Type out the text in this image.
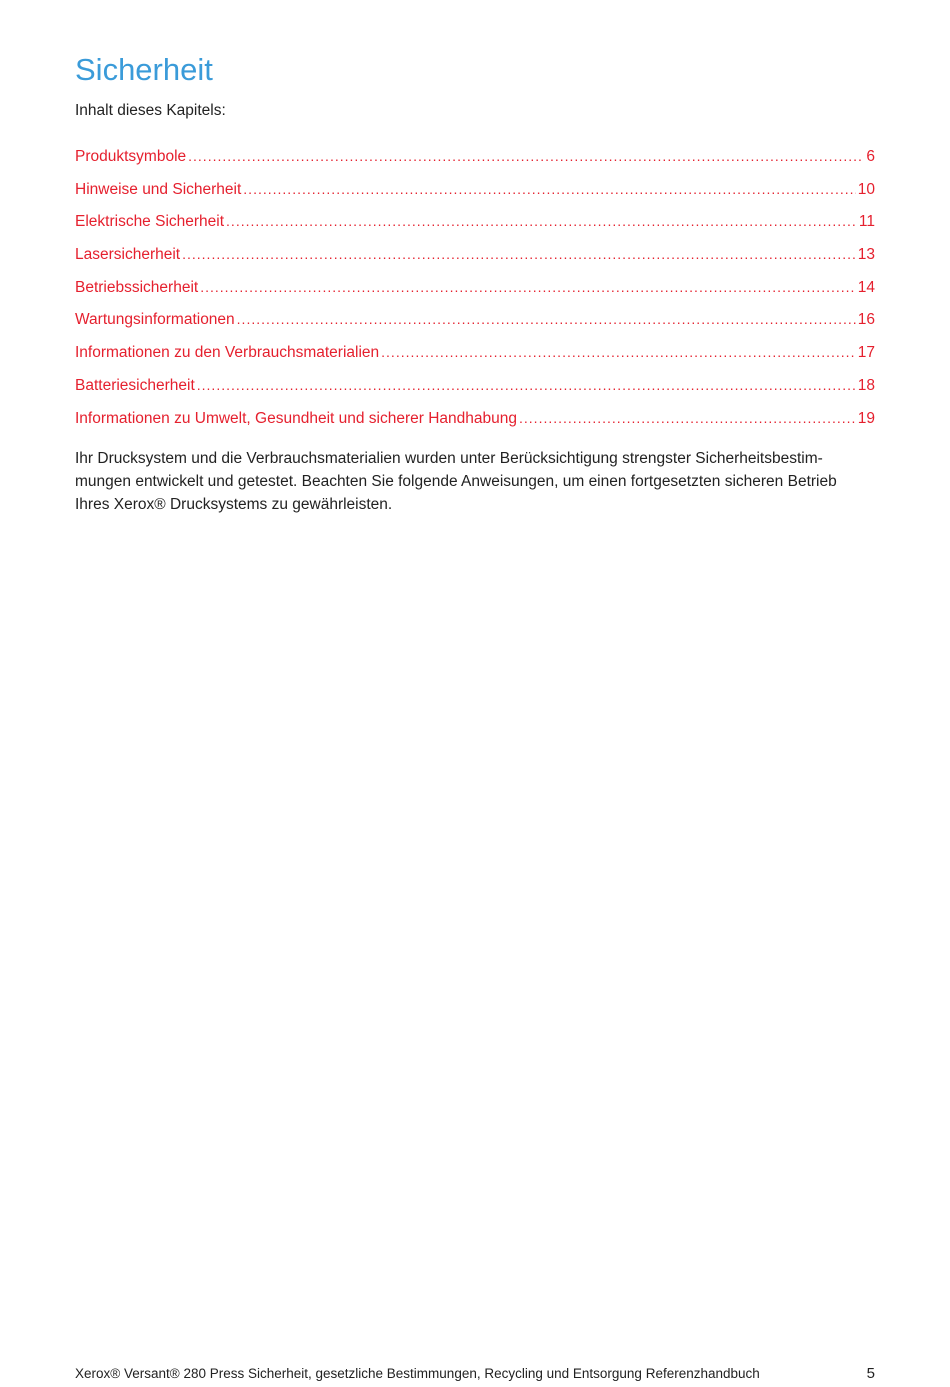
Sicherheit

Inhalt dieses Kapitels:

Produktsymbole .....	6
Hinweise und Sicherheit .....	10
Elektrische Sicherheit .....	11
Lasersicherheit .....	13
Betriebssicherheit .....	14
Wartungsinformationen .....	16
Informationen zu den Verbrauchsmaterialien .....	17
Batteriesicherheit .....	18
Informationen zu Umwelt, Gesundheit und sicherer Handhabung .....	19

Ihr Drucksystem und die Verbrauchsmaterialien wurden unter Berücksichtigung strengster Sicherheitsbestim-mungen entwickelt und getestet. Beachten Sie folgende Anweisungen, um einen fortgesetzten sicheren Betrieb Ihres Xerox® Drucksystems zu gewährleisten.

Xerox® Versant® 280 Press Sicherheit, gesetzliche Bestimmungen, Recycling und Entsorgung Referenzhandbuch	5
